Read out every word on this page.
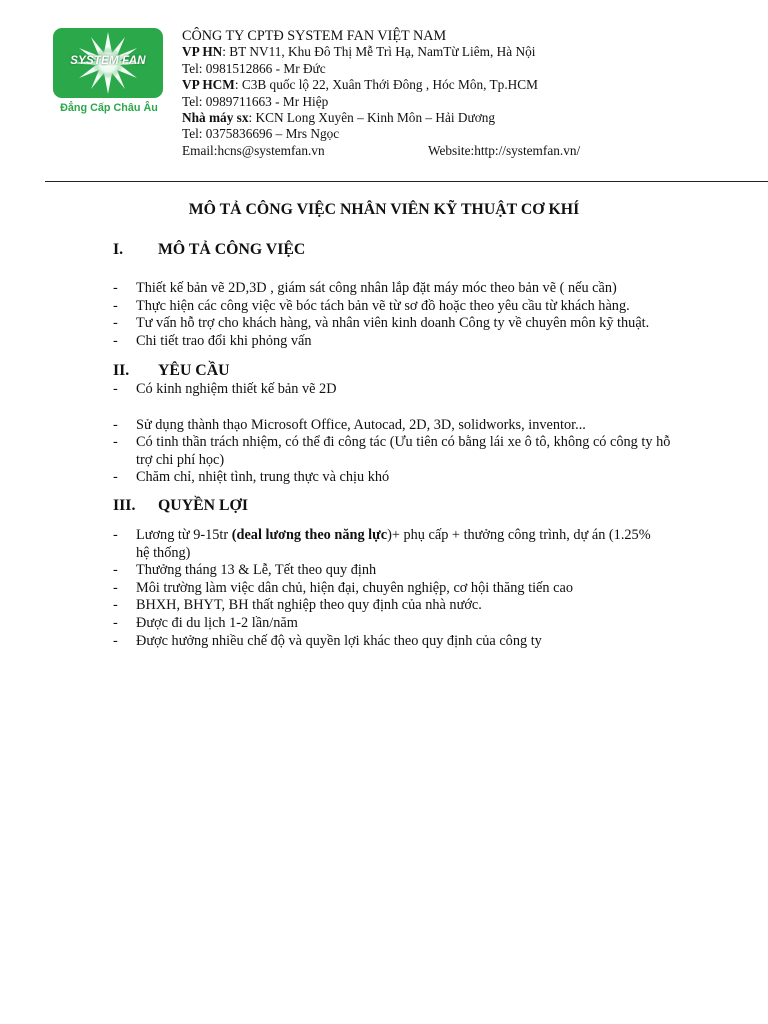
SYSTEM FAN
Đẳng Cấp Châu Âu
CÔNG TY CPTĐ SYSTEM FAN VIỆT NAM
VP HN: BT NV11, Khu Đô Thị Mễ Trì Hạ, NamTừ Liêm, Hà Nội
Tel: 0981512866 - Mr Đức
VP HCM: C3B quốc lộ 22, Xuân Thới Đông , Hóc Môn, Tp.HCM
Tel: 0989711663 - Mr Hiệp
Nhà máy sx: KCN Long Xuyên – Kinh Môn – Hải Dương
Tel: 0375836696 – Mrs Ngọc
Email:hcns@systemfan.vn	Website:http://systemfan.vn/
MÔ TẢ CÔNG VIỆC NHÂN VIÊN KỸ THUẬT CƠ KHÍ
I. MÔ TẢ CÔNG VIỆC
- Thiết kế bản vẽ 2D,3D , giám sát công nhân lắp đặt máy móc theo bản vẽ ( nếu cần)
- Thực hiện các công việc về bóc tách bản vẽ từ sơ đồ hoặc theo yêu cầu từ khách hàng.
- Tư vấn hỗ trợ cho khách hàng, và nhân viên kinh doanh Công ty về chuyên môn kỹ thuật.
- Chi tiết trao đổi khi phỏng vấn
II. YÊU CẦU
- Có kinh nghiệm thiết kế bản vẽ 2D
- Sử dụng thành thạo Microsoft Office, Autocad, 2D, 3D, solidworks, inventor...
- Có tinh thần trách nhiệm, có thể đi công tác (Ưu tiên có bằng lái xe ô tô, không có công ty hỗ trợ chi phí học)
- Chăm chỉ, nhiệt tình, trung thực và chịu khó
III. QUYỀN LỢI
- Lương từ 9-15tr (deal lương theo năng lực)+ phụ cấp + thưởng công trình, dự án (1.25% hệ thống)
- Thưởng tháng 13 & Lễ, Tết theo quy định
- Môi trường làm việc dân chủ, hiện đại, chuyên nghiệp, cơ hội thăng tiến cao
- BHXH, BHYT, BH thất nghiệp theo quy định của nhà nước.
- Được đi du lịch 1-2 lần/năm
- Được hưởng nhiều chế độ và quyền lợi khác theo quy định của công ty
